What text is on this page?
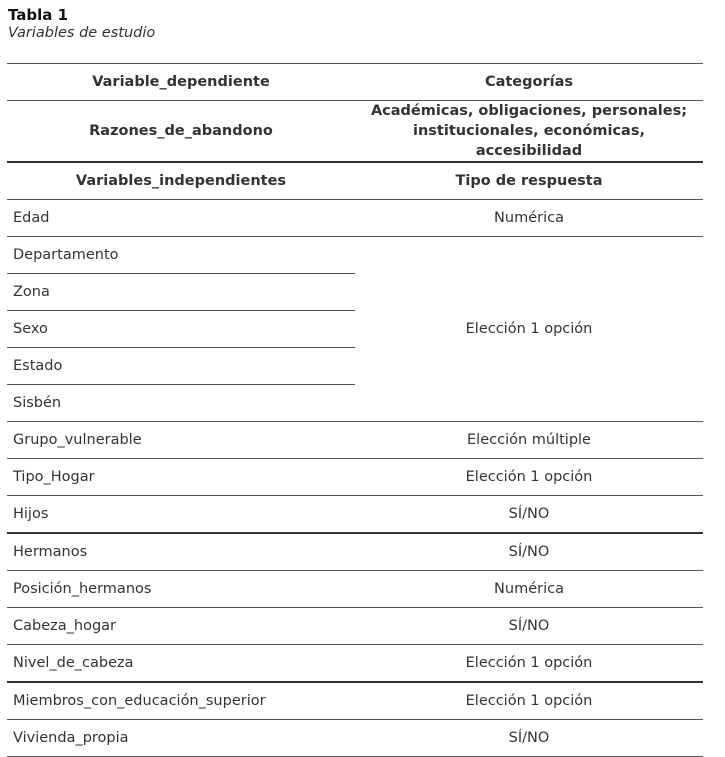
Tabla 1
Variables de estudio
Variable_dependiente	Categorías
Razones_de_abandono	Académicas, obligaciones, personales;
institucionales, económicas, accesibilidad

Variables_independientes	Tipo de respuesta
Edad	Numérica
Departamento	Elección 1 opción
Zona	
Sexo	
Estado	
Sisbén	
Grupo_vulnerable	Elección múltiple
Tipo_Hogar	Elección 1 opción
Hijos	SÍ/NO
Hermanos	SÍ/NO
Posición_hermanos	Numérica
Cabeza_hogar	SÍ/NO
Nivel_de_cabeza	Elección 1 opción
Miembros_con_educación_superior	Elección 1 opción
Vivienda_propia	SÍ/NO
